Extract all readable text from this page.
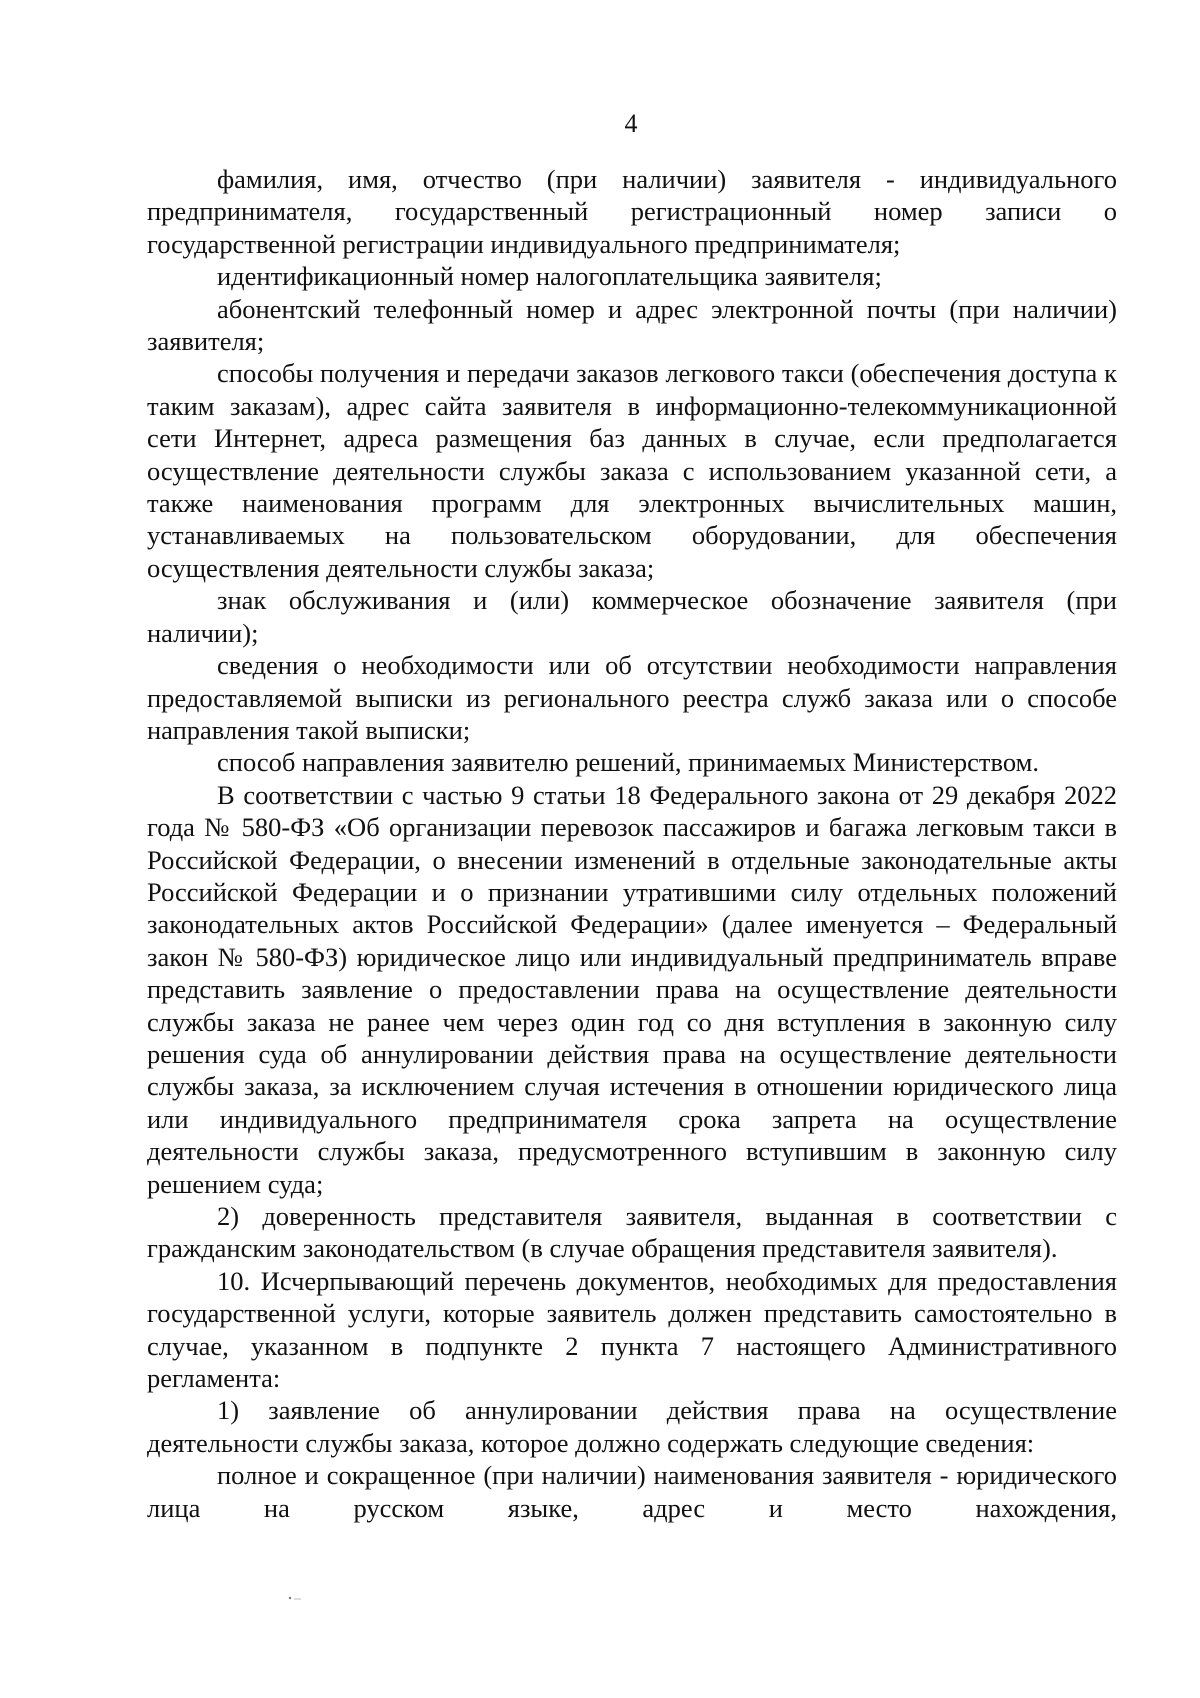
4

фамилия, имя, отчество (при наличии) заявителя - индивидуального предпринимателя, государственный регистрационный номер записи о государственной регистрации индивидуального предпринимателя;

идентификационный номер налогоплательщика заявителя;

абонентский телефонный номер и адрес электронной почты (при наличии) заявителя;

способы получения и передачи заказов легкового такси (обеспечения доступа к таким заказам), адрес сайта заявителя в информационно-телекоммуникационной сети Интернет, адреса размещения баз данных в случае, если предполагается осуществление деятельности службы заказа с использованием указанной сети, а также наименования программ для электронных вычислительных машин, устанавливаемых на пользовательском оборудовании, для обеспечения осуществления деятельности службы заказа;

знак обслуживания и (или) коммерческое обозначение заявителя (при наличии);

сведения о необходимости или об отсутствии необходимости направления предоставляемой выписки из регионального реестра служб заказа или о способе направления такой выписки;

способ направления заявителю решений, принимаемых Министерством.

В соответствии с частью 9 статьи 18 Федерального закона от 29 декабря 2022 года № 580-ФЗ «Об организации перевозок пассажиров и багажа легковым такси в Российской Федерации, о внесении изменений в отдельные законодательные акты Российской Федерации и о признании утратившими силу отдельных положений законодательных актов Российской Федерации» (далее именуется – Федеральный закон № 580-ФЗ) юридическое лицо или индивидуальный предприниматель вправе представить заявление о предоставлении права на осуществление деятельности службы заказа не ранее чем через один год со дня вступления в законную силу решения суда об аннулировании действия права на осуществление деятельности службы заказа, за исключением случая истечения в отношении юридического лица или индивидуального предпринимателя срока запрета на осуществление деятельности службы заказа, предусмотренного вступившим в законную силу решением суда;

2) доверенность представителя заявителя, выданная в соответствии с гражданским законодательством (в случае обращения представителя заявителя).

10. Исчерпывающий перечень документов, необходимых для предоставления государственной услуги, которые заявитель должен представить самостоятельно в случае, указанном в подпункте 2 пункта 7 настоящего Административного регламента:

1) заявление об аннулировании действия права на осуществление деятельности службы заказа, которое должно содержать следующие сведения:

полное и сокращенное (при наличии) наименования заявителя - юридического лица на русском языке, адрес и место нахождения,
